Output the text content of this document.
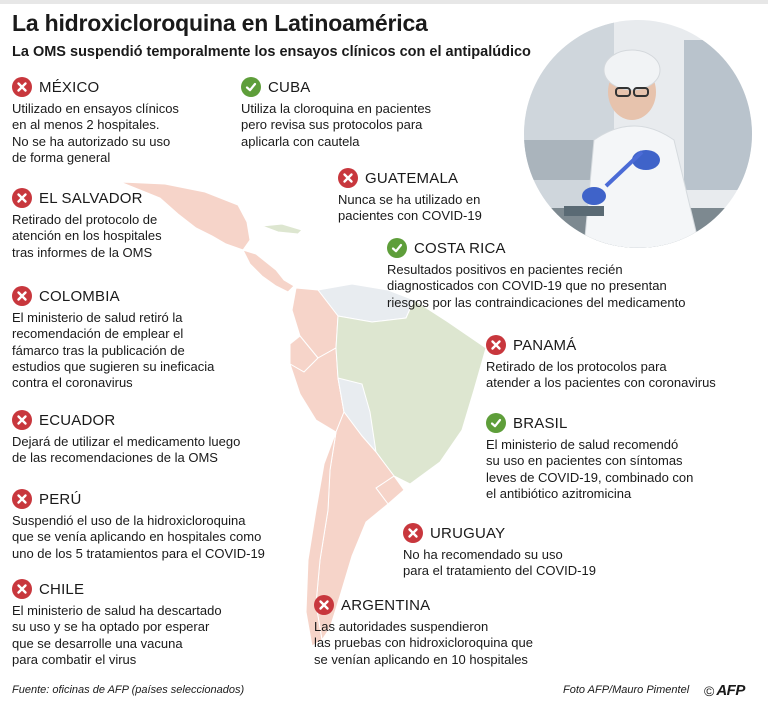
La hidroxicloroquina en Latinoamérica
La OMS suspendió temporalmente los ensayos clínicos con el antipalúdico
MÉXICO
Utilizado en ensayos clínicos
en al menos 2 hospitales.
No se ha autorizado su uso
de forma general
CUBA
Utiliza la cloroquina en pacientes
pero revisa sus protocolos para
aplicarla con cautela
GUATEMALA
Nunca se ha utilizado en
pacientes con COVID-19
EL SALVADOR
Retirado del protocolo de
atención en los hospitales
tras informes de la OMS	COSTA RICA
Resultados positivos en pacientes recién
diagnosticados con COVID-19 que no presentan
riesgos por las contraindicaciones del medicamento
COLOMBIA
El ministerio de salud retiró la
recomendación de emplear el
fámarco tras la publicación de
estudios que sugieren su ineficacia
contra el coronavirus
PANAMÁ
Retirado de los protocolos para
atender a los pacientes con coronavirus
ECUADOR
Dejará de utilizar el medicamento luego
de las recomendaciones de la OMS
BRASIL
El ministerio de salud recomendó
su uso en pacientes con síntomas
leves de COVID-19, combinado con
el antibiótico azitromicina
PERÚ
Suspendió el uso de la hidroxicloroquina
que se venía aplicando en hospitales como
uno de los 5 tratamientos para el COVID-19
URUGUAY
No ha recomendado su uso
para el tratamiento del COVID-19
CHILE
El ministerio de salud ha descartado
su uso y se ha optado por esperar
que se desarrolle una vacuna
para combatir el virus
ARGENTINA
Las autoridades suspendieron
las pruebas con hidroxicloroquina que
se venían aplicando en 10 hospitales
Fuente: oficinas de AFP (países seleccionados)	Foto AFP/Mauro Pimentel © AFP
